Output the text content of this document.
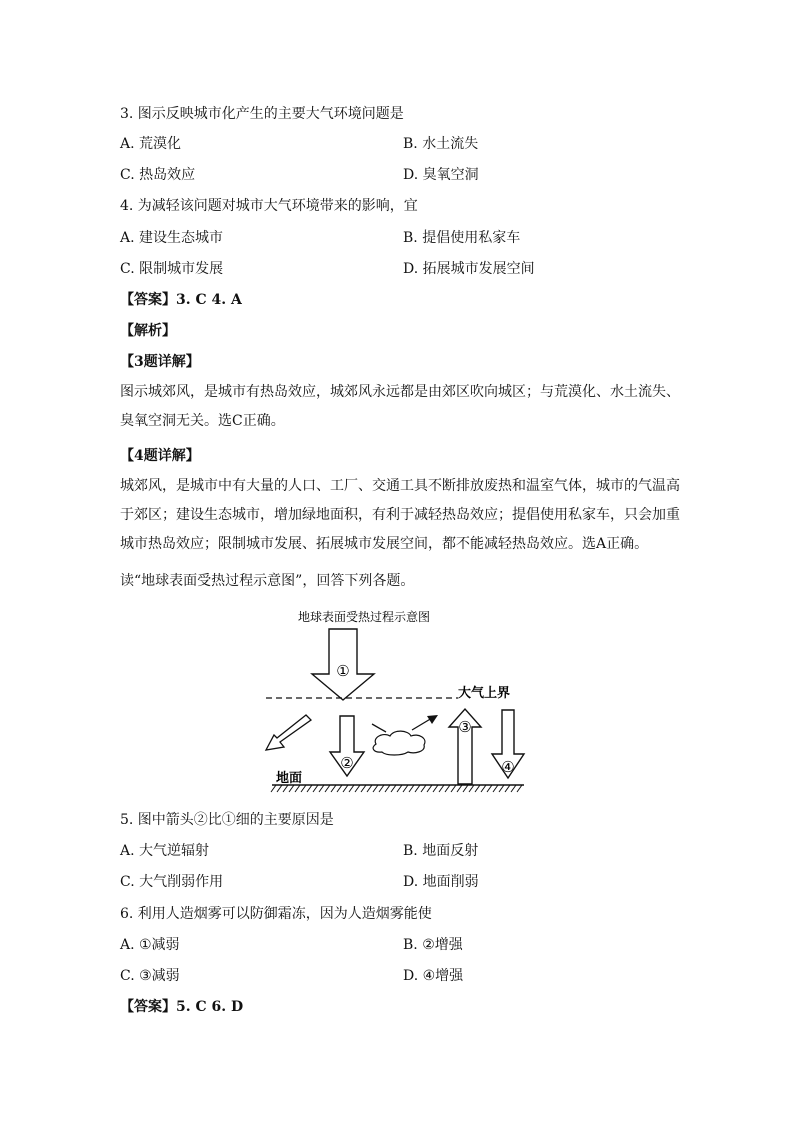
3. 图示反映城市化产生的主要大气环境问题是
A. 荒漠化	B. 水土流失
C. 热岛效应	D. 臭氧空洞
4. 为减轻该问题对城市大气环境带来的影响，宜
A. 建设生态城市	B. 提倡使用私家车
C. 限制城市发展	D. 拓展城市发展空间
【答案】3. C 4. A
【解析】
【3题详解】
图示城郊风，是城市有热岛效应，城郊风永远都是由郊区吹向城区；与荒漠化、水土流失、臭氧空洞无关。选C正确。
【4题详解】
城郊风，是城市中有大量的人口、工厂、交通工具不断排放废热和温室气体，城市的气温高于郊区；建设生态城市，增加绿地面积，有利于减轻热岛效应；提倡使用私家车，只会加重城市热岛效应；限制城市发展、拓展城市发展空间，都不能减轻热岛效应。选A正确。
读“地球表面受热过程示意图”，回答下列各题。
地球表面受热过程示意图
①
大气上界
②
③
④
地面
5. 图中箭头②比①细的主要原因是
A. 大气逆辐射	B. 地面反射
C. 大气削弱作用	D. 地面削弱
6. 利用人造烟雾可以防御霜冻，因为人造烟雾能使
A. ①减弱	B. ②增强
C. ③减弱	D. ④增强
【答案】5. C 6. D
